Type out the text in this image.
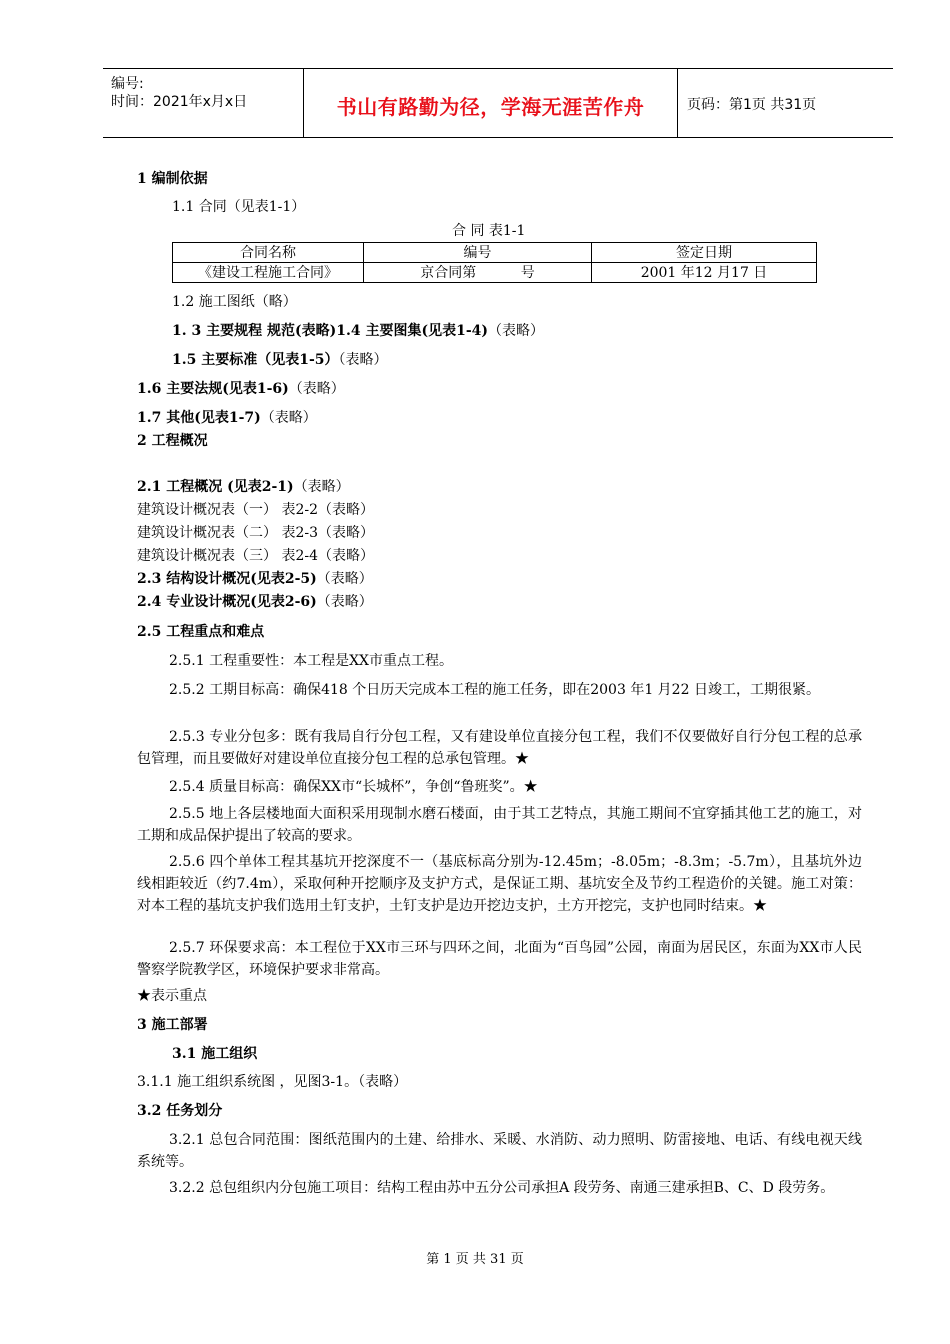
编号:
时间：2021年x月x日	书山有路勤为径，学海无涯苦作舟	页码：第1页 共31页
1 编制依据
1.1 合同（见表1-1）
合 同 表1-1
合同名称	编号	签定日期
《建设工程施工合同》	京合同第          号	2001 年12 月17 日
1.2 施工图纸（略）
1. 3 主要规程 规范(表略)1.4 主要图集(见表1-4)（表略）
1.5 主要标准（见表1-5）（表略）
1.6 主要法规(见表1-6)（表略）
1.7 其他(见表1-7)（表略）
2 工程概况
2.1 工程概况 (见表2-1)（表略）
建筑设计概况表（一） 表2-2（表略）
建筑设计概况表（二） 表2-3（表略）
建筑设计概况表（三） 表2-4（表略）
2.3 结构设计概况(见表2-5)（表略）
2.4 专业设计概况(见表2-6)（表略）
2.5 工程重点和难点
2.5.1 工程重要性：本工程是XX市重点工程。
2.5.2 工期目标高：确保418 个日历天完成本工程的施工任务，即在2003 年1 月22 日竣工，工期很紧。
2.5.3 专业分包多：既有我局自行分包工程，又有建设单位直接分包工程，我们不仅要做好自行分包工程的总承包管理，而且要做好对建设单位直接分包工程的总承包管理。★
2.5.4 质量目标高：确保XX市“长城杯”，争创“鲁班奖”。★
2.5.5 地上各层楼地面大面积采用现制水磨石楼面，由于其工艺特点，其施工期间不宜穿插其他工艺的施工，对工期和成品保护提出了较高的要求。
2.5.6 四个单体工程其基坑开挖深度不一（基底标高分别为-12.45m；-8.05m；-8.3m；-5.7m），且基坑外边线相距较近（约7.4m），采取何种开挖顺序及支护方式，是保证工期、基坑安全及节约工程造价的关键。施工对策：对本工程的基坑支护我们选用土钉支护，土钉支护是边开挖边支护，土方开挖完，支护也同时结束。★
2.5.7 环保要求高：本工程位于XX市三环与四环之间，北面为“百鸟园”公园，南面为居民区，东面为XX市人民警察学院教学区，环境保护要求非常高。
★表示重点
3 施工部署
3.1 施工组织
3.1.1 施工组织系统图 ，见图3-1。（表略）
3.2 任务划分
3.2.1 总包合同范围：图纸范围内的土建、给排水、采暖、水消防、动力照明、防雷接地、电话、有线电视天线系统等。
3.2.2 总包组织内分包施工项目：结构工程由苏中五分公司承担A 段劳务、南通三建承担B、C、D 段劳务。
第 1 页 共 31 页
